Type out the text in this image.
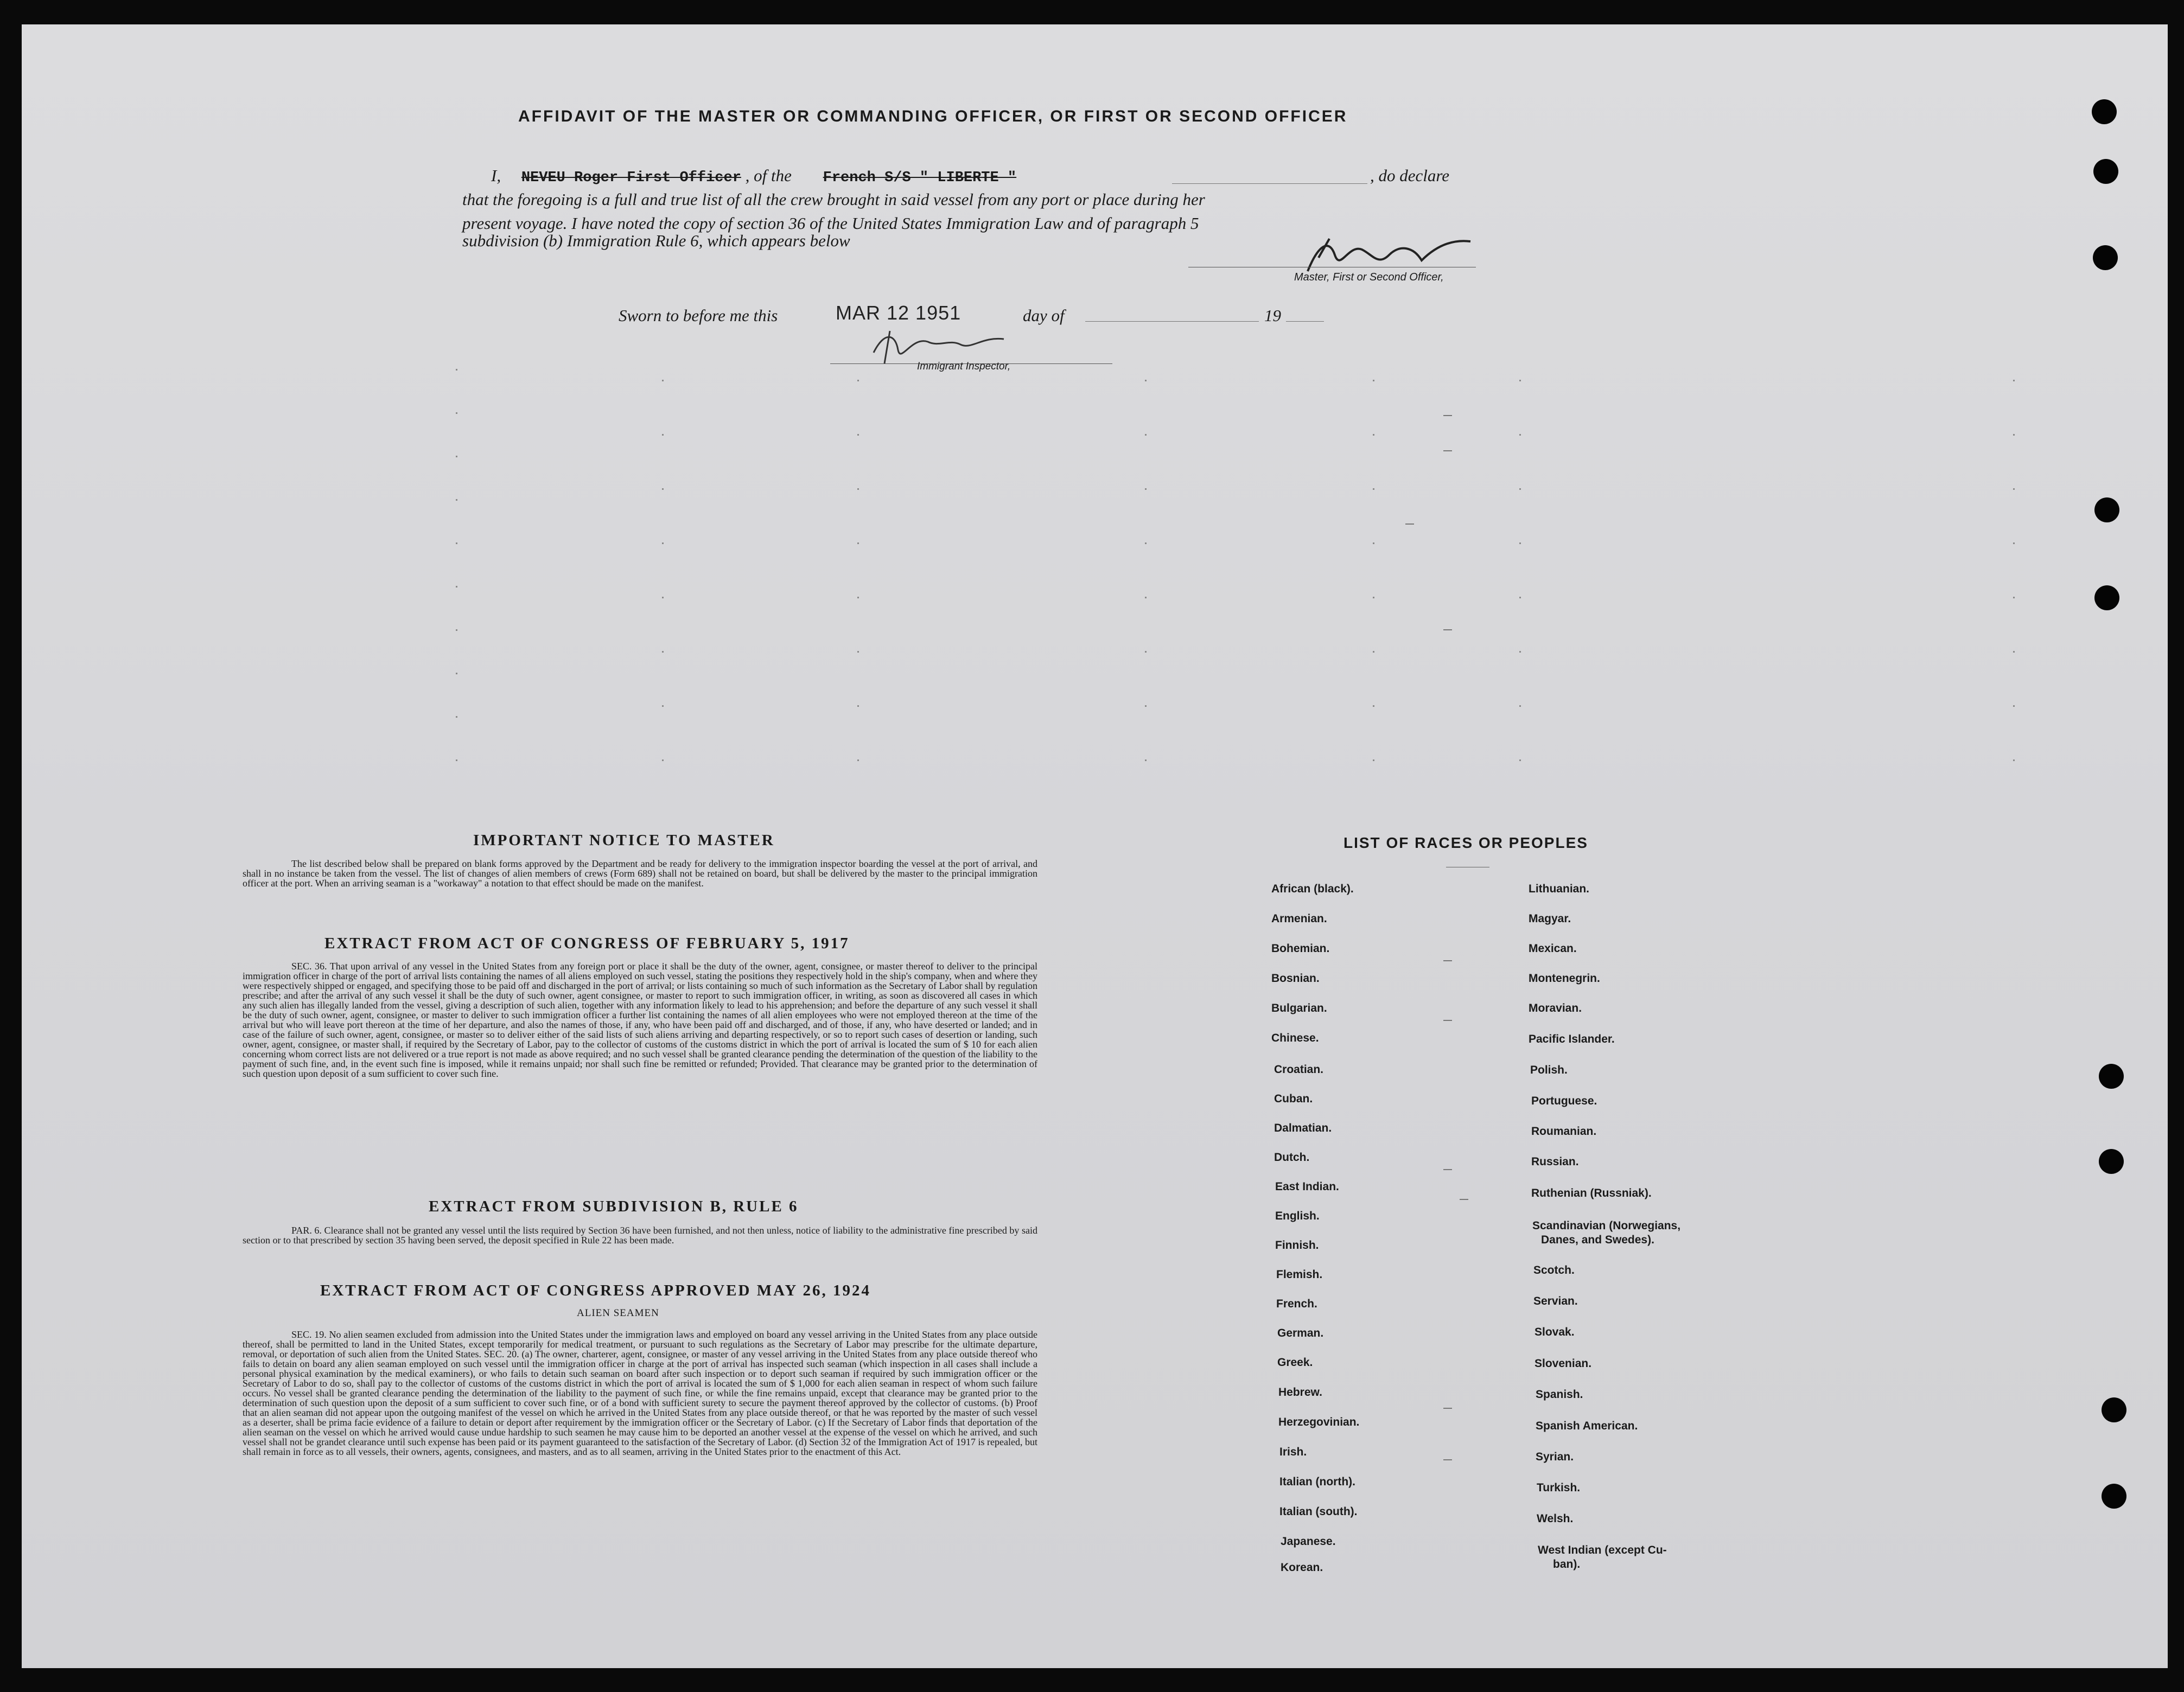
AFFIDAVIT OF THE MASTER OR COMMANDING OFFICER, OR FIRST OR SECOND OFFICER
I, NEVEU Roger First Officer , of the French S/S " LIBERTE "	, do declare
that the foregoing is a full and true list of all the crew brought in said vessel from any port or place during her
present voyage. I have noted the copy of section 36 of the United States Immigration Law and of paragraph 5
subdivision (b) Immigration Rule 6, which appears below
Master, First or Second Officer,
Sworn to before me this	MAR 12 1951	day of	19
Immigrant Inspector,
IMPORTANT NOTICE TO MASTER
The list described below shall be prepared on blank forms approved by the Department and be ready for delivery to the immigration inspector boarding the vessel at the port of arrival, and shall in no instance be taken from the vessel. The list of changes of alien members of crews (Form 689) shall not be retained on board, but shall be delivered by the master to the principal immigration officer at the port. When an arriving seaman is a "workaway" a notation to that effect should be made on the manifest.
EXTRACT FROM ACT OF CONGRESS OF FEBRUARY 5, 1917
SEC. 36. That upon arrival of any vessel in the United States from any foreign port or place it shall be the duty of the owner, agent, consignee, or master thereof to deliver to the principal immigration officer in charge of the port of arrival lists containing the names of all aliens employed on such vessel, stating the positions they respectively hold in the ship's company, when and where they were respectively shipped or engaged, and specifying those to be paid off and discharged in the port of arrival; or lists containing so much of such information as the Secretary of Labor shall by regulation prescribe; and after the arrival of any such vessel it shall be the duty of such owner, agent consignee, or master to report to such immigration officer, in writing, as soon as discovered all cases in which any such alien has illegally landed from the vessel, giving a description of such alien, together with any information likely to lead to his apprehension; and before the departure of any such vessel it shall be the duty of such owner, agent, consignee, or master to deliver to such immigration officer a further list containing the names of all alien employees who were not employed thereon at the time of the arrival but who will leave port thereon at the time of her departure, and also the names of those, if any, who have been paid off and discharged, and of those, if any, who have deserted or landed; and in case of the failure of such owner, agent, consignee, or master so to deliver either of the said lists of such aliens arriving and departing respectively, or so to report such cases of desertion or landing, such owner, agent, consignee, or master shall, if required by the Secretary of Labor, pay to the collector of customs of the customs district in which the port of arrival is located the sum of $ 10 for each alien concerning whom correct lists are not delivered or a true report is not made as above required; and no such vessel shall be granted clearance pending the determination of the question of the liability to the payment of such fine, and, in the event such fine is imposed, while it remains unpaid; nor shall such fine be remitted or refunded; Provided. That clearance may be granted prior to the determination of such question upon deposit of a sum sufficient to cover such fine.
EXTRACT FROM SUBDIVISION B, RULE 6
PAR. 6. Clearance shall not be granted any vessel until the lists required by Section 36 have been furnished, and not then unless, notice of liability to the administrative fine prescribed by said section or to that prescribed by section 35 having been served, the deposit specified in Rule 22 has been made.
EXTRACT FROM ACT OF CONGRESS APPROVED MAY 26, 1924
ALIEN SEAMEN
SEC. 19. No alien seamen excluded from admission into the United States under the immigration laws and employed on board any vessel arriving in the United States from any place outside thereof, shall be permitted to land in the United States, except temporarily for medical treatment, or pursuant to such regulations as the Secretary of Labor may prescribe for the ultimate departure, removal, or deportation of such alien from the United States. SEC. 20. (a) The owner, charterer, agent, consignee, or master of any vessel arriving in the United States from any place outside thereof who fails to detain on board any alien seaman employed on such vessel until the immigration officer in charge at the port of arrival has inspected such seaman (which inspection in all cases shall include a personal physical examination by the medical examiners), or who fails to detain such seaman on board after such inspection or to deport such seaman if required by such immigration officer or the Secretary of Labor to do so, shall pay to the collector of customs of the customs district in which the port of arrival is located the sum of $ 1,000 for each alien seaman in respect of whom such failure occurs. No vessel shall be granted clearance pending the determination of the liability to the payment of such fine, or while the fine remains unpaid, except that clearance may be granted prior to the determination of such question upon the deposit of a sum sufficient to cover such fine, or of a bond with sufficient surety to secure the payment thereof approved by the collector of customs. (b) Proof that an alien seaman did not appear upon the outgoing manifest of the vessel on which he arrived in the United States from any place outside thereof, or that he was reported by the master of such vessel as a deserter, shall be prima facie evidence of a failure to detain or deport after requirement by the immigration officer or the Secretary of Labor. (c) If the Secretary of Labor finds that deportation of the alien seaman on the vessel on which he arrived would cause undue hardship to such seamen he may cause him to be deported an another vessel at the expense of the vessel on which he arrived, and such vessel shall not be grandet clearance until such expense has been paid or its payment guaranteed to the satisfaction of the Secretary of Labor. (d) Section 32 of the Immigration Act of 1917 is repealed, but shall remain in force as to all vessels, their owners, agents, consignees, and masters, and as to all seamen, arriving in the United States prior to the enactment of this Act.
LIST OF RACES OR PEOPLES
African (black).
Armenian.
Bohemian.
Bosnian.
Bulgarian.
Chinese.
Croatian.
Cuban.
Dalmatian.
Dutch.
East Indian.
English.
Finnish.
Flemish.
French.
German.
Greek.
Hebrew.
Herzegovinian.
Irish.
Italian (north).
Italian (south).
Japanese.
Korean.
Lithuanian.
Magyar.
Mexican.
Montenegrin.
Moravian.
Pacific Islander.
Polish.
Portuguese.
Roumanian.
Russian.
Ruthenian (Russniak).
Scandinavian (Norwegians,
Danes, and Swedes).
Scotch.
Servian.
Slovak.
Slovenian.
Spanish.
Spanish American.
Syrian.
Turkish.
Welsh.
West Indian (except Cu-
ban).
